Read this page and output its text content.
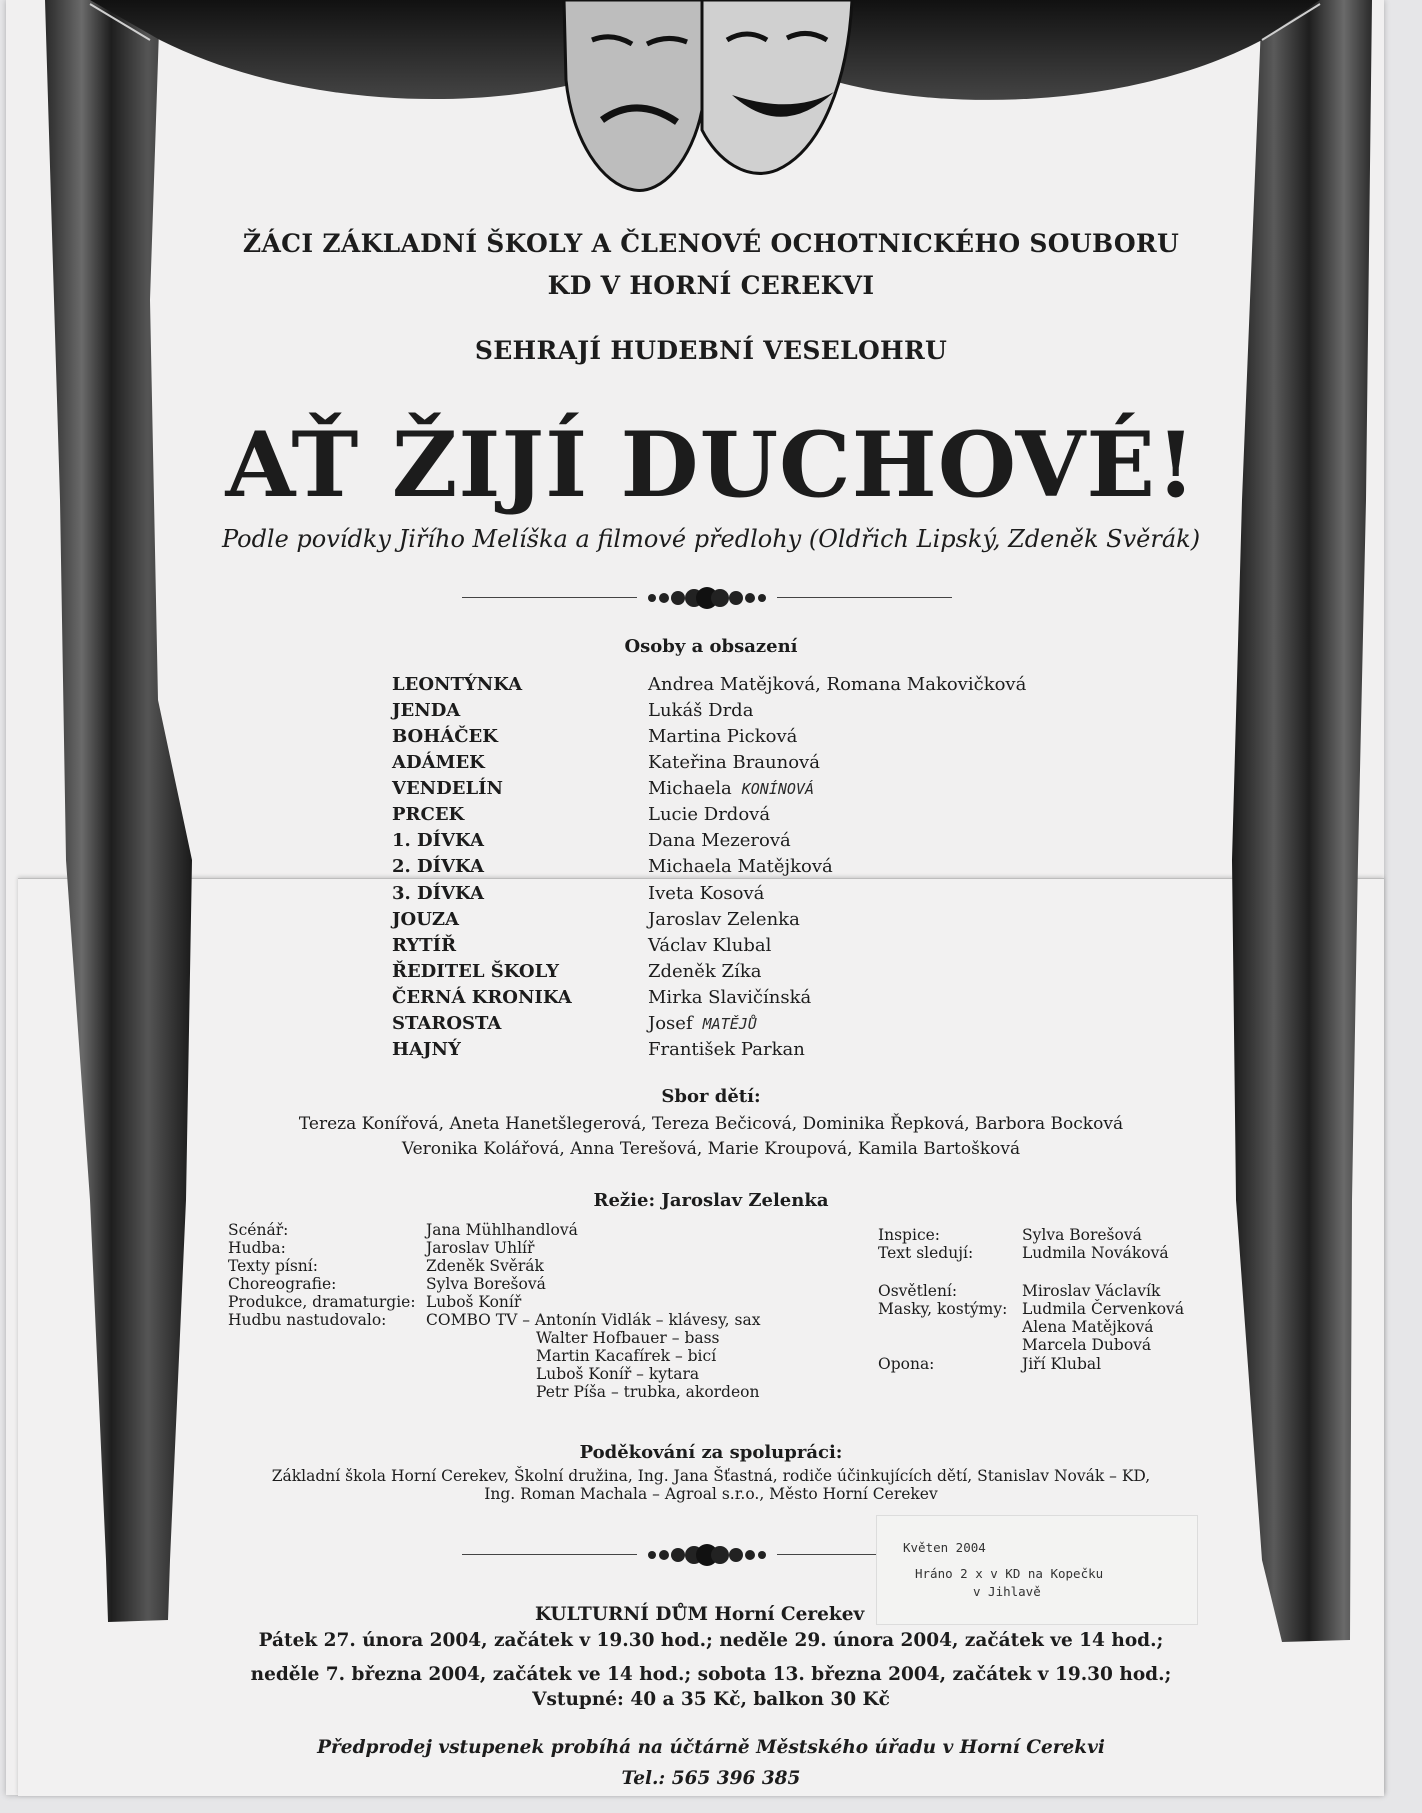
ŽÁCI ZÁKLADNÍ ŠKOLY A ČLENOVÉ OCHOTNICKÉHO SOUBORU
KD V HORNÍ CEREKVI
SEHRAJÍ HUDEBNÍ VESELOHRU
AŤ ŽIJÍ DUCHOVÉ!
Podle povídky Jiřího Melíška a filmové předlohy (Oldřich Lipský, Zdeněk Svěrák)
Osoby a obsazení
LEONTÝNKA	Andrea Matějková, Romana Makovičková
JENDA	Lukáš Drda
BOHÁČEK	Martina Picková
ADÁMEK	Kateřina Braunová
VENDELÍN	Michaela KONÍNOVÁ
PRCEK	Lucie Drdová
1. DÍVKA	Dana Mezerová
2. DÍVKA	Michaela Matějková
3. DÍVKA	Iveta Kosová
JOUZA	Jaroslav Zelenka
RYTÍŘ	Václav Klubal
ŘEDITEL ŠKOLY	Zdeněk Zíka
ČERNÁ KRONIKA	Mirka Slavičínská
STAROSTA	Josef MATĚJŮ
HAJNÝ	František Parkan
Sbor dětí:
Tereza Konířová, Aneta Hanetšlegerová, Tereza Bečicová, Dominika Řepková, Barbora Bocková
Veronika Kolářová, Anna Terešová, Marie Kroupová, Kamila Bartošková
Režie: Jaroslav Zelenka
Scénář:	Jana Mühlhandlová
Hudba:	Jaroslav Uhlíř
Texty písní:	Zdeněk Svěrák
Choreografie:	Sylva Borešová
Produkce, dramaturgie: Luboš Koníř
Hudbu nastudovalo:	COMBO TV – Antonín Vidlák – klávesy, sax
Walter Hofbauer – bass
Martin Kacafírek – bicí
Luboš Koníř – kytara
Petr Píša – trubka, akordeon
Inspice:	Sylva Borešová
Text sledují:	Ludmila Nováková
Osvětlení:	Miroslav Václavík
Masky, kostýmy: Ludmila Červenková
Alena Matějková
Marcela Dubová
Opona:	Jiří Klubal
Poděkování za spolupráci:
Základní škola Horní Cerekev, Školní družina, Ing. Jana Šťastná, rodiče účinkujících dětí, Stanislav Novák – KD,
Ing. Roman Machala – Agroal s.r.o., Město Horní Cerekev
Květen 2004
Hráno 2 x v KD na Kopečku
v Jihlavě
KULTURNÍ DŮM Horní Cerekev
Pátek 27. února 2004, začátek v 19.30 hod.; neděle 29. února 2004, začátek ve 14 hod.;
neděle 7. března 2004, začátek ve 14 hod.; sobota 13. března 2004, začátek v 19.30 hod.;
Vstupné: 40 a 35 Kč, balkon 30 Kč
Předprodej vstupenek probíhá na účtárně Městského úřadu v Horní Cerekvi
Tel.: 565 396 385
